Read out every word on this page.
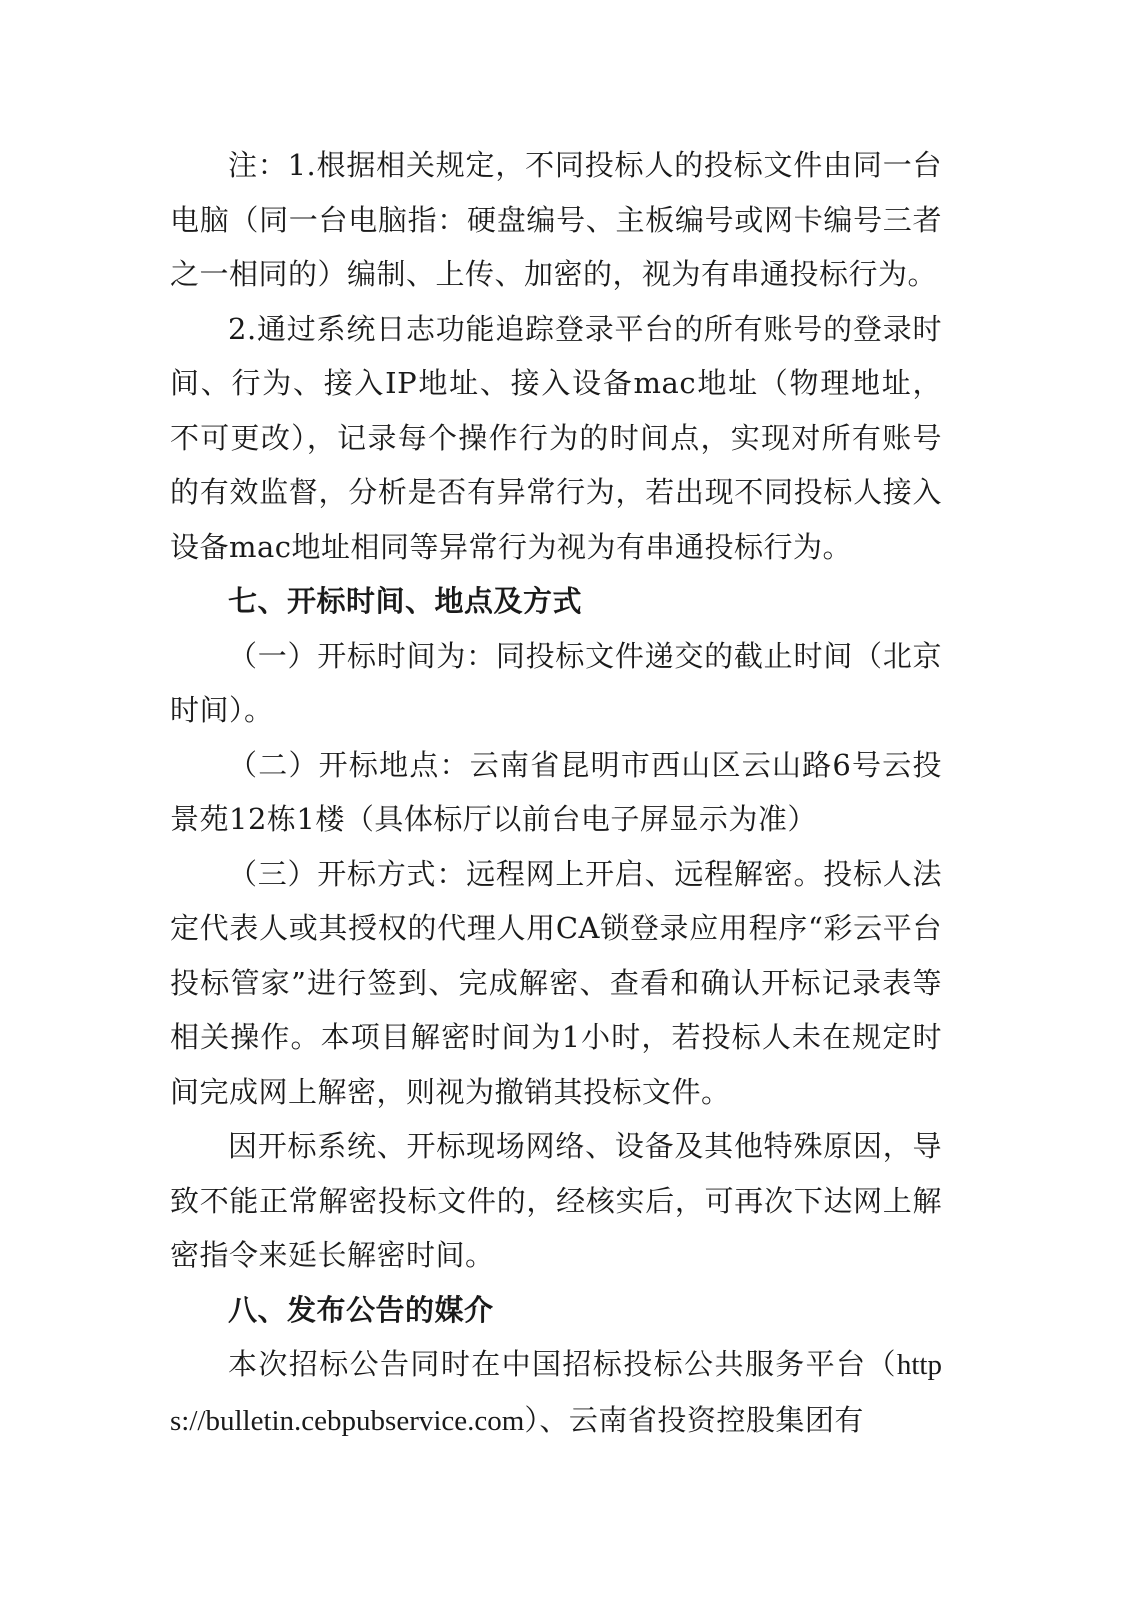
注：1.根据相关规定，不同投标人的投标文件由同一台电脑（同一台电脑指：硬盘编号、主板编号或网卡编号三者之一相同的）编制、上传、加密的，视为有串通投标行为。

2.通过系统日志功能追踪登录平台的所有账号的登录时间、行为、接入IP地址、接入设备mac地址（物理地址，不可更改），记录每个操作行为的时间点，实现对所有账号的有效监督，分析是否有异常行为，若出现不同投标人接入设备mac地址相同等异常行为视为有串通投标行为。

七、开标时间、地点及方式

（一）开标时间为：同投标文件递交的截止时间（北京时间）。

（二）开标地点：云南省昆明市西山区云山路6号云投景苑12栋1楼（具体标厅以前台电子屏显示为准）

（三）开标方式：远程网上开启、远程解密。投标人法定代表人或其授权的代理人用CA锁登录应用程序“彩云平台投标管家”进行签到、完成解密、查看和确认开标记录表等相关操作。本项目解密时间为1小时，若投标人未在规定时间完成网上解密，则视为撤销其投标文件。

因开标系统、开标现场网络、设备及其他特殊原因，导致不能正常解密投标文件的，经核实后，可再次下达网上解密指令来延长解密时间。

八、发布公告的媒介

本次招标公告同时在中国招标投标公共服务平台（https://bulletin.cebpubservice.com）、云南省投资控股集团有
